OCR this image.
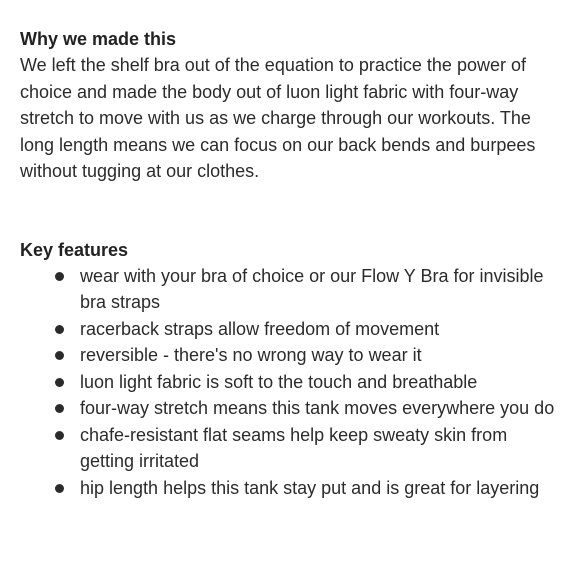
Why we made this

We left the shelf bra out of the equation to practice the power of choice and made the body out of luon light fabric with four-way stretch to move with us as we charge through our workouts. The long length means we can focus on our back bends and burpees without tugging at our clothes.

Key features
wear with your bra of choice or our Flow Y Bra for invisible bra straps
racerback straps allow freedom of movement
reversible - there's no wrong way to wear it
luon light fabric is soft to the touch and breathable
four-way stretch means this tank moves everywhere you do
chafe-resistant flat seams help keep sweaty skin from getting irritated
hip length helps this tank stay put and is great for layering
